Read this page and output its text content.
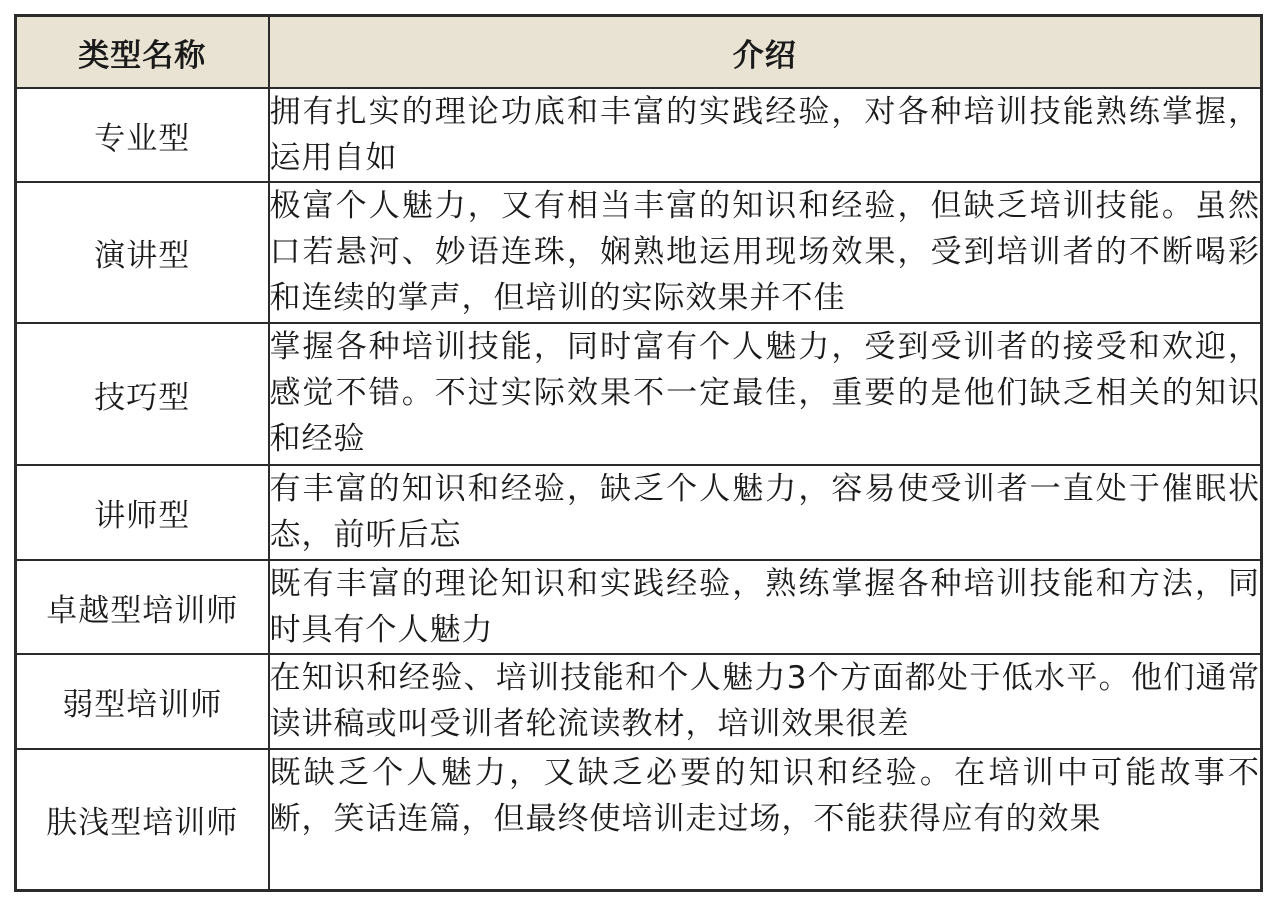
类型名称	介绍
专业型	拥有扎实的理论功底和丰富的实践经验，对各种培训技能熟练掌握，运用自如
演讲型	极富个人魅力，又有相当丰富的知识和经验，但缺乏培训技能。虽然口若悬河、妙语连珠，娴熟地运用现场效果，受到培训者的不断喝彩和连续的掌声，但培训的实际效果并不佳
技巧型	掌握各种培训技能，同时富有个人魅力，受到受训者的接受和欢迎，感觉不错。不过实际效果不一定最佳，重要的是他们缺乏相关的知识和经验
讲师型	有丰富的知识和经验，缺乏个人魅力，容易使受训者一直处于催眠状态，前听后忘
卓越型培训师	既有丰富的理论知识和实践经验，熟练掌握各种培训技能和方法，同时具有个人魅力
弱型培训师	在知识和经验、培训技能和个人魅力3个方面都处于低水平。他们通常读讲稿或叫受训者轮流读教材，培训效果很差
肤浅型培训师	既缺乏个人魅力，又缺乏必要的知识和经验。在培训中可能故事不断，笑话连篇，但最终使培训走过场，不能获得应有的效果
